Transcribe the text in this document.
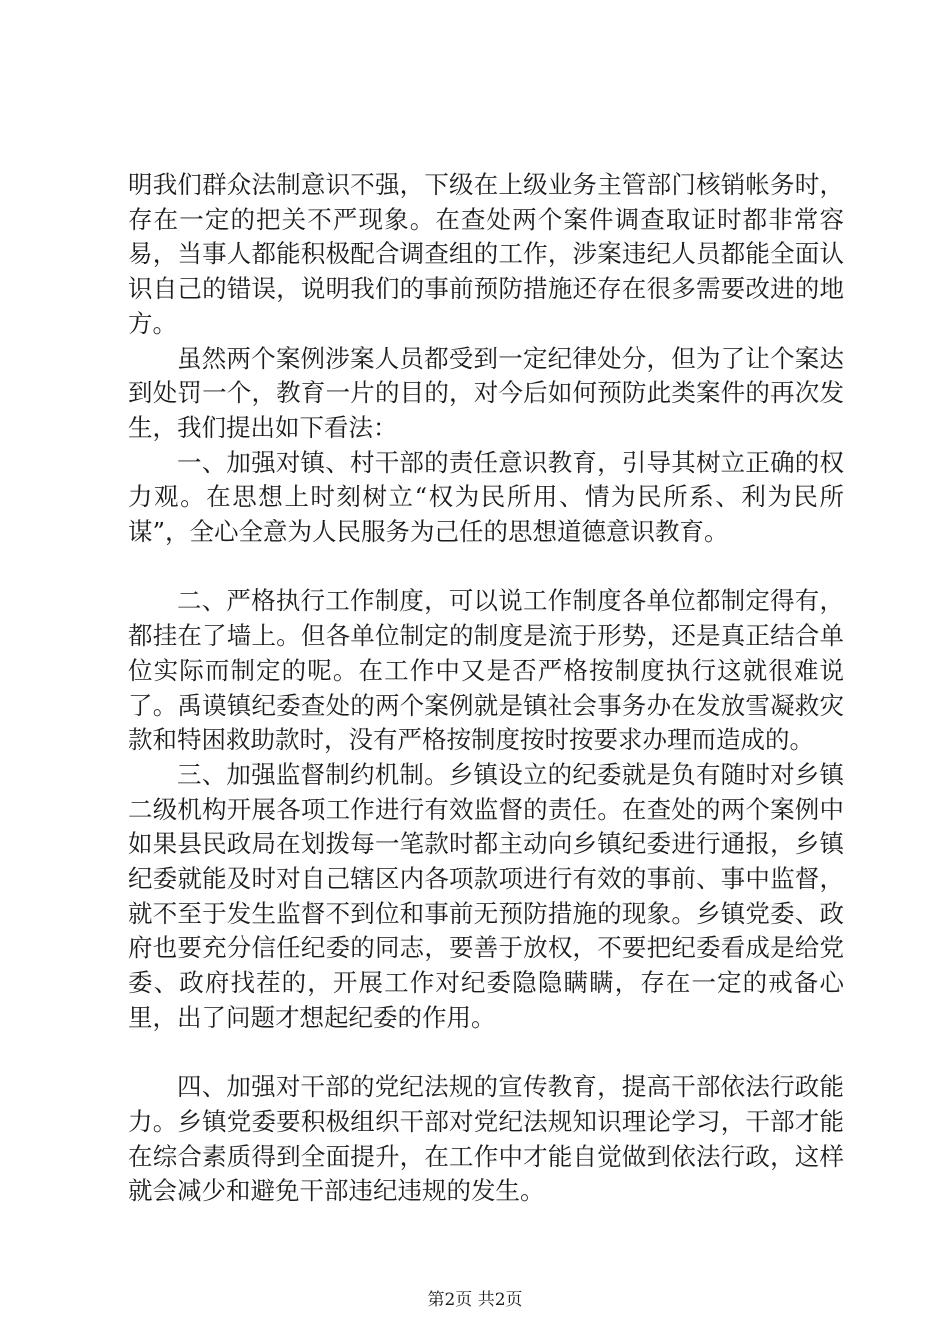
明我们群众法制意识不强，下级在上级业务主管部门核销帐务时，存在一定的把关不严现象。在查处两个案件调查取证时都非常容易，当事人都能积极配合调查组的工作，涉案违纪人员都能全面认识自己的错误，说明我们的事前预防措施还存在很多需要改进的地方。

虽然两个案例涉案人员都受到一定纪律处分，但为了让个案达到处罚一个，教育一片的目的，对今后如何预防此类案件的再次发生，我们提出如下看法：

一、加强对镇、村干部的责任意识教育，引导其树立正确的权力观。在思想上时刻树立“权为民所用、情为民所系、利为民所谋”，全心全意为人民服务为己任的思想道德意识教育。

二、严格执行工作制度，可以说工作制度各单位都制定得有，都挂在了墙上。但各单位制定的制度是流于形势，还是真正结合单位实际而制定的呢。在工作中又是否严格按制度执行这就很难说了。禹谟镇纪委查处的两个案例就是镇社会事务办在发放雪凝救灾款和特困救助款时，没有严格按制度按时按要求办理而造成的。

三、加强监督制约机制。乡镇设立的纪委就是负有随时对乡镇二级机构开展各项工作进行有效监督的责任。在查处的两个案例中如果县民政局在划拨每一笔款时都主动向乡镇纪委进行通报，乡镇纪委就能及时对自己辖区内各项款项进行有效的事前、事中监督，就不至于发生监督不到位和事前无预防措施的现象。乡镇党委、政府也要充分信任纪委的同志，要善于放权，不要把纪委看成是给党委、政府找茬的，开展工作对纪委隐隐瞒瞒，存在一定的戒备心里，出了问题才想起纪委的作用。

四、加强对干部的党纪法规的宣传教育，提高干部依法行政能力。乡镇党委要积极组织干部对党纪法规知识理论学习，干部才能在综合素质得到全面提升，在工作中才能自觉做到依法行政，这样就会减少和避免干部违纪违规的发生。

第2页 共2页
